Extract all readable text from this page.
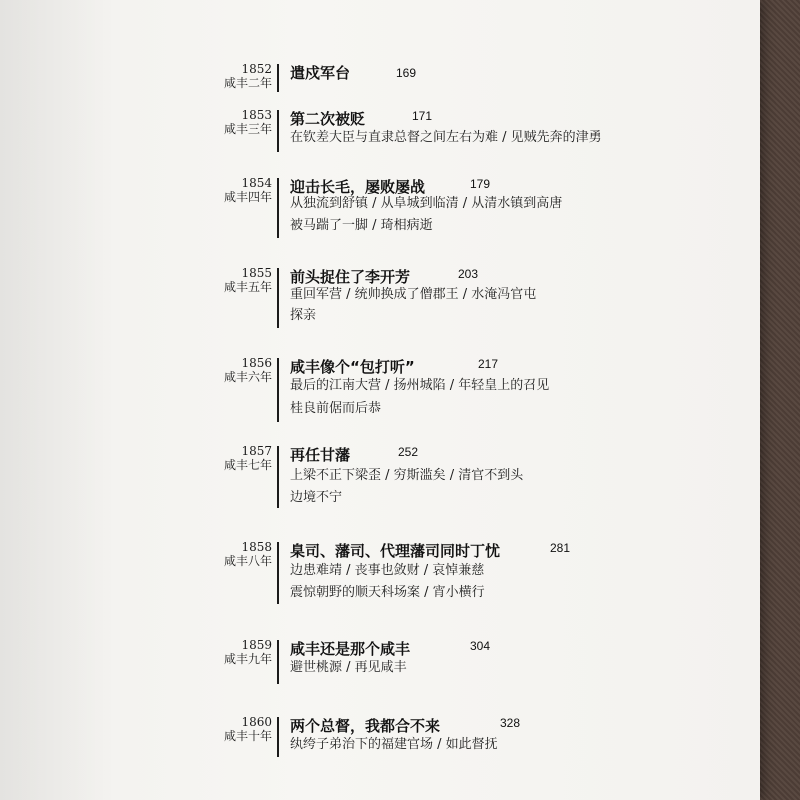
1852
咸丰二年
遣戍军台	169
1853
咸丰三年
第二次被贬	171
在钦差大臣与直隶总督之间左右为难 / 见贼先奔的津勇
1854
咸丰四年
迎击长毛，屡败屡战	179
从独流到舒镇 / 从阜城到临清 / 从清水镇到高唐
被马踹了一脚 / 琦相病逝
1855
咸丰五年
前头捉住了李开芳	203
重回军营 / 统帅换成了僧郡王 / 水淹冯官屯
探亲
1856
咸丰六年
咸丰像个“包打听”	217
最后的江南大营 / 扬州城陷 / 年轻皇上的召见
桂良前倨而后恭
1857
咸丰七年
再任甘藩	252
上梁不正下梁歪 / 穷斯滥矣 / 清官不到头
边境不宁
1858
咸丰八年
臬司、藩司、代理藩司同时丁忧	281
边患难靖 / 丧事也敛财 / 哀悼兼慈
震惊朝野的顺天科场案 / 宵小横行
1859
咸丰九年
咸丰还是那个咸丰	304
避世桃源 / 再见咸丰
1860
咸丰十年
两个总督，我都合不来	328
纨绔子弟治下的福建官场 / 如此督抚
